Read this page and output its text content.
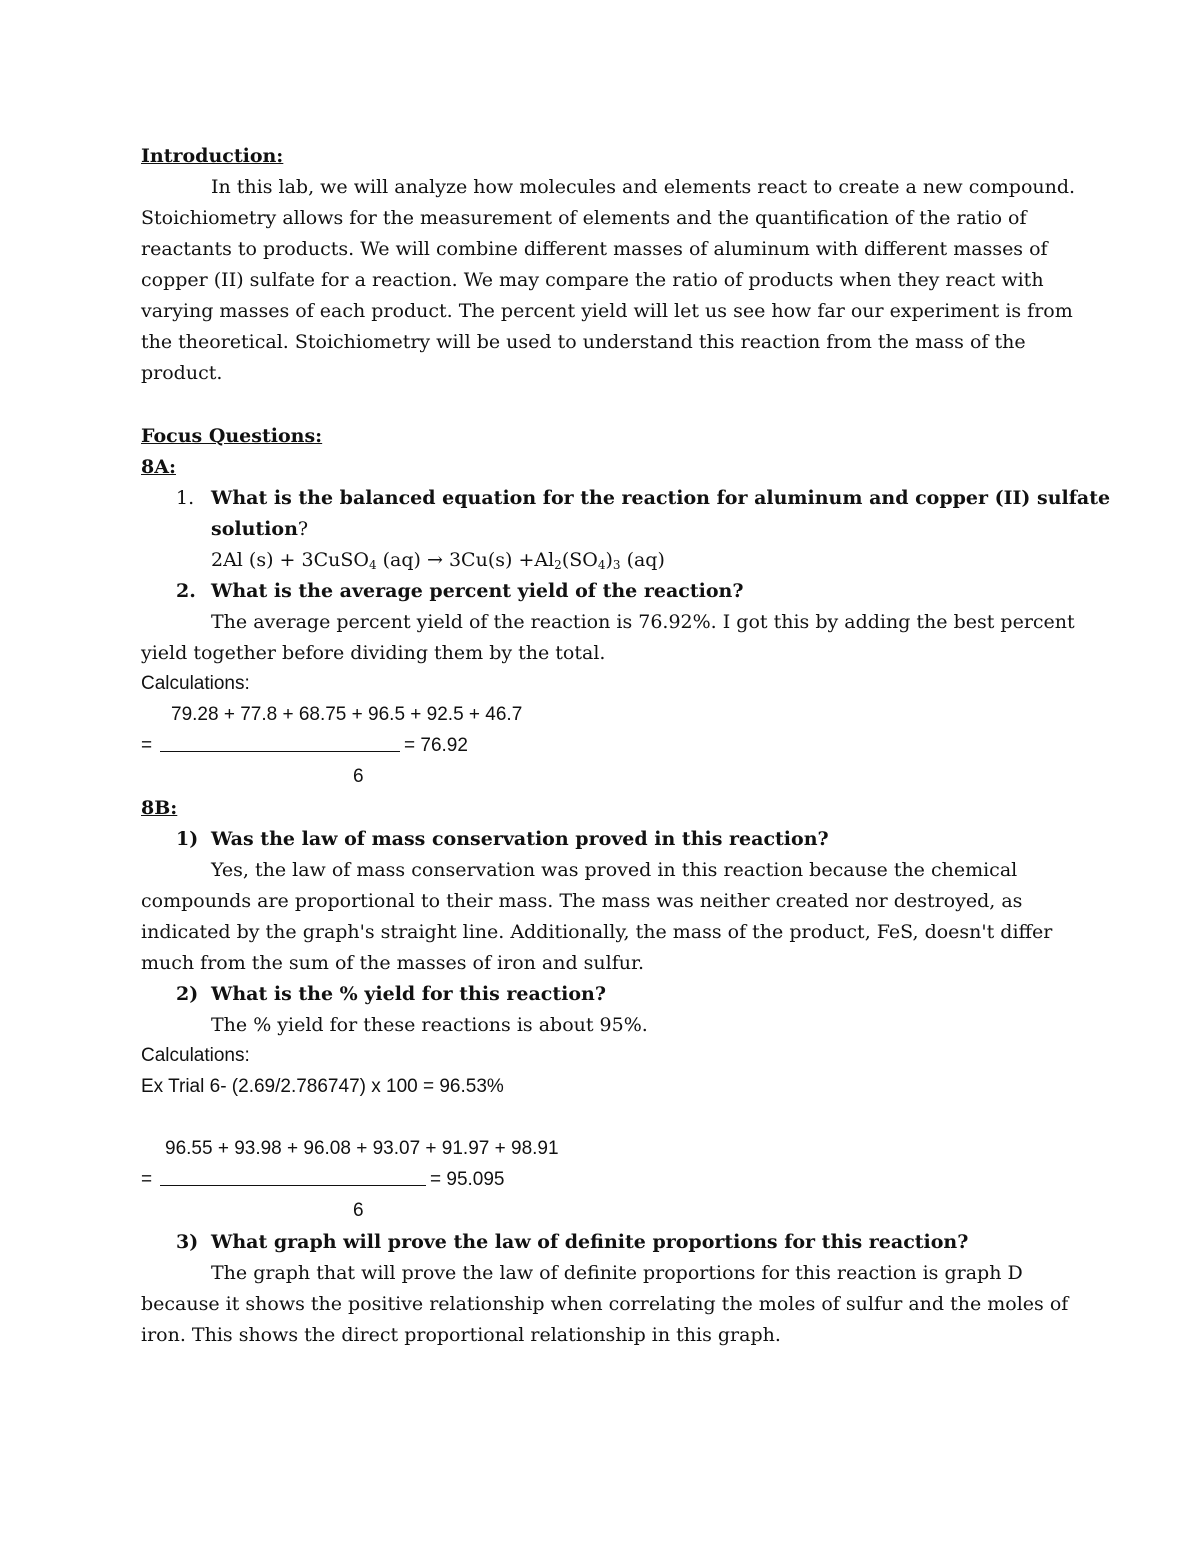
Introduction:
In this lab, we will analyze how molecules and elements react to create a new compound.
Stoichiometry allows for the measurement of elements and the quantification of the ratio of
reactants to products. We will combine different masses of aluminum with different masses of
copper (II) sulfate for a reaction. We may compare the ratio of products when they react with
varying masses of each product. The percent yield will let us see how far our experiment is from
the theoretical. Stoichiometry will be used to understand this reaction from the mass of the
product.
Focus Questions:
8A:
1. What is the balanced equation for the reaction for aluminum and copper (II) sulfate
solution?
2Al (s) + 3CuSO$_4$ $(aq) \to 3Cu(s) +Al_2(SO_4)_3$ (aq)
2. What is the average percent yield of the reaction?
The average percent yield of the reaction is 76.92%. I got this by adding the best percent
yield together before dividing them by the total.
Calculations:
79.28 + 77.8 + 68.75 + 96.5 + 92.5 + 46.7
=	= 76.92
6
8B:
1) Was the law of mass conservation proved in this reaction?
Yes, the law of mass conservation was proved in this reaction because the chemical
compounds are proportional to their mass. The mass was neither created nor destroyed, as
indicated by the graph's straight line. Additionally, the mass of the product, FeS, doesn't differ
much from the sum of the masses of iron and sulfur.
2) What is the % yield for this reaction?
The % yield for these reactions is about 95%.
Calculations:
Ex Trial 6- (2.69/2.786747) x 100 = 96.53%
96.55 + 93.98 + 96.08 + 93.07 + 91.97 + 98.91
=	= 95.095
6
3) What graph will prove the law of definite proportions for this reaction?
The graph that will prove the law of definite proportions for this reaction is graph D
because it shows the positive relationship when correlating the moles of sulfur and the moles of
iron. This shows the direct proportional relationship in this graph.
